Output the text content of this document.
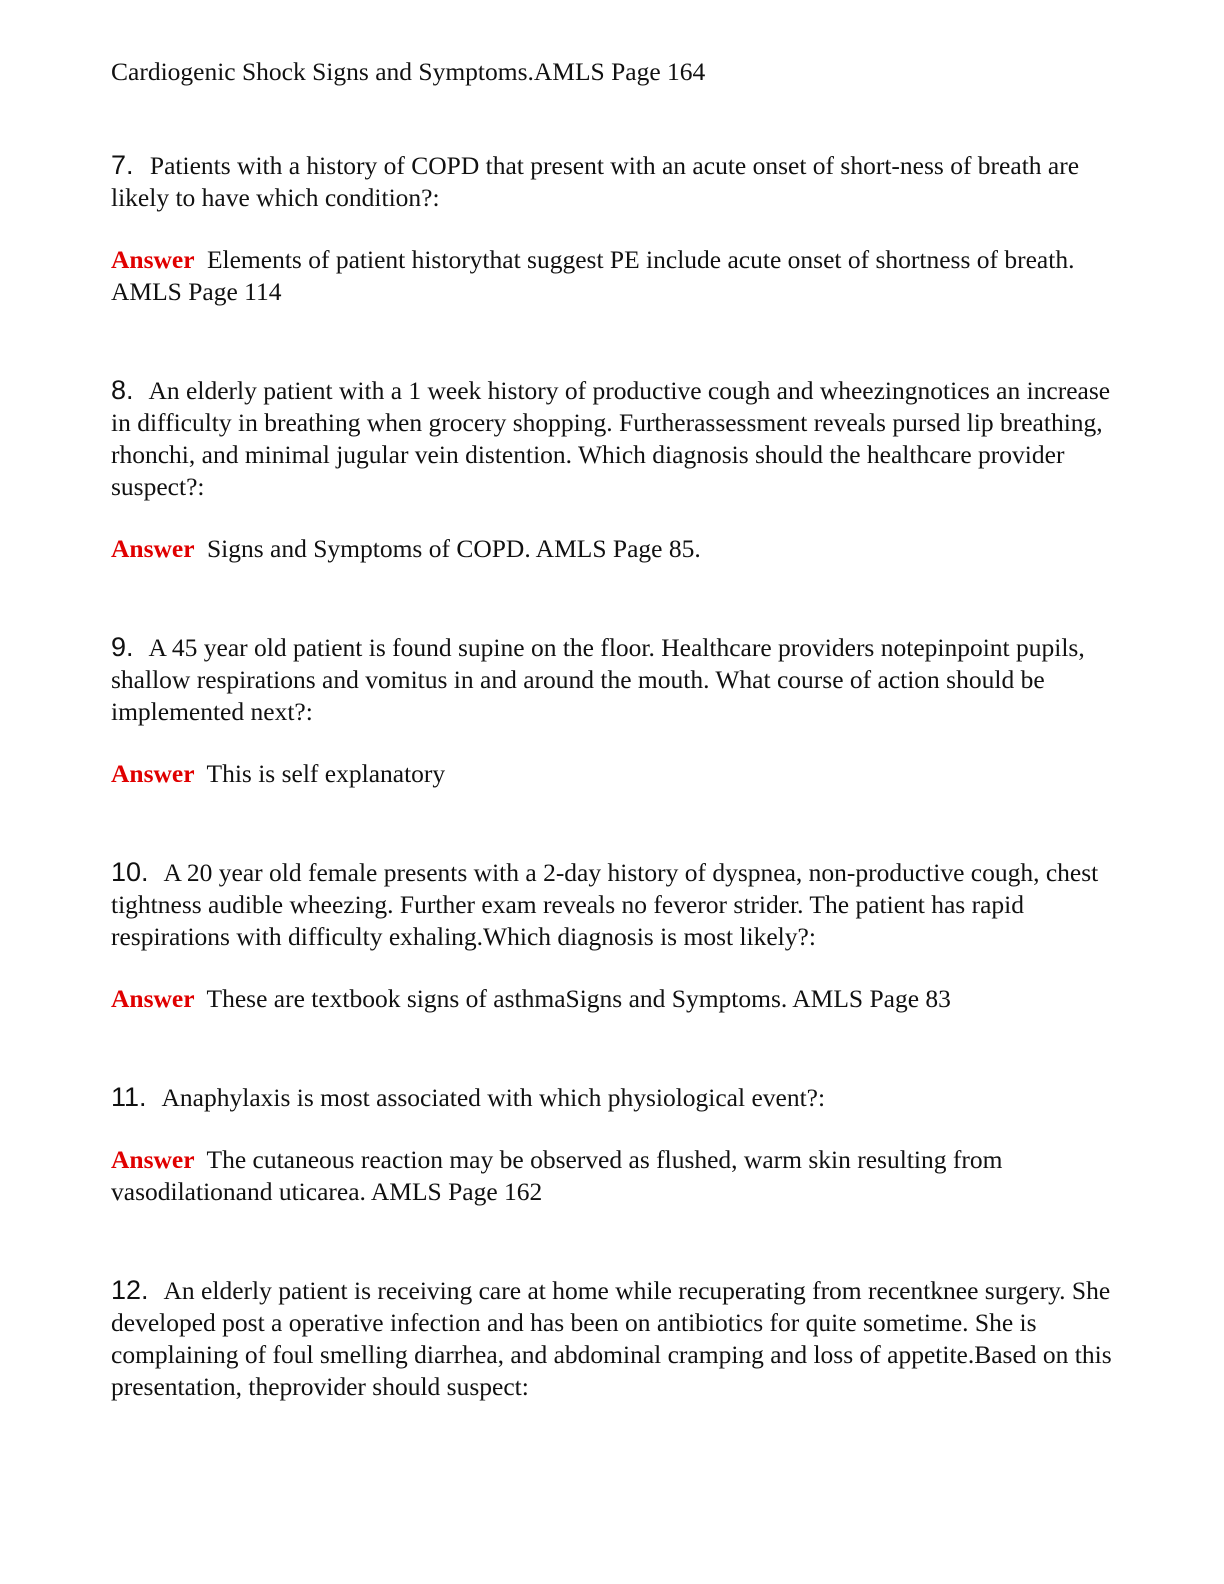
Cardiogenic Shock Signs and Symptoms.AMLS Page 164

7. Patients with a history of COPD that present with an acute onset of short-ness of breath are likely to have which condition?:

Answer Elements of patient historythat suggest PE include acute onset of shortness of breath. AMLS Page 114

8. An elderly patient with a 1 week history of productive cough and wheezingnotices an increase in difficulty in breathing when grocery shopping. Furtherassessment reveals pursed lip breathing, rhonchi, and minimal jugular vein distention. Which diagnosis should the healthcare provider suspect?:

Answer Signs and Symptoms of COPD. AMLS Page 85.

9. A 45 year old patient is found supine on the floor. Healthcare providers notepinpoint pupils, shallow respirations and vomitus in and around the mouth. What course of action should be implemented next?:

Answer This is self explanatory

10. A 20 year old female presents with a 2-day history of dyspnea, non-productive cough, chest tightness audible wheezing. Further exam reveals no feveror strider. The patient has rapid respirations with difficulty exhaling.Which diagnosis is most likely?:

Answer These are textbook signs of asthmaSigns and Symptoms. AMLS Page 83

11. Anaphylaxis is most associated with which physiological event?:

Answer The cutaneous reaction may be observed as flushed, warm skin resulting from vasodilationand uticarea. AMLS Page 162

12. An elderly patient is receiving care at home while recuperating from recentknee surgery. She developed post a operative infection and has been on antibiotics for quite sometime. She is complaining of foul smelling diarrhea, and abdominal cramping and loss of appetite.Based on this presentation, theprovider should suspect:
